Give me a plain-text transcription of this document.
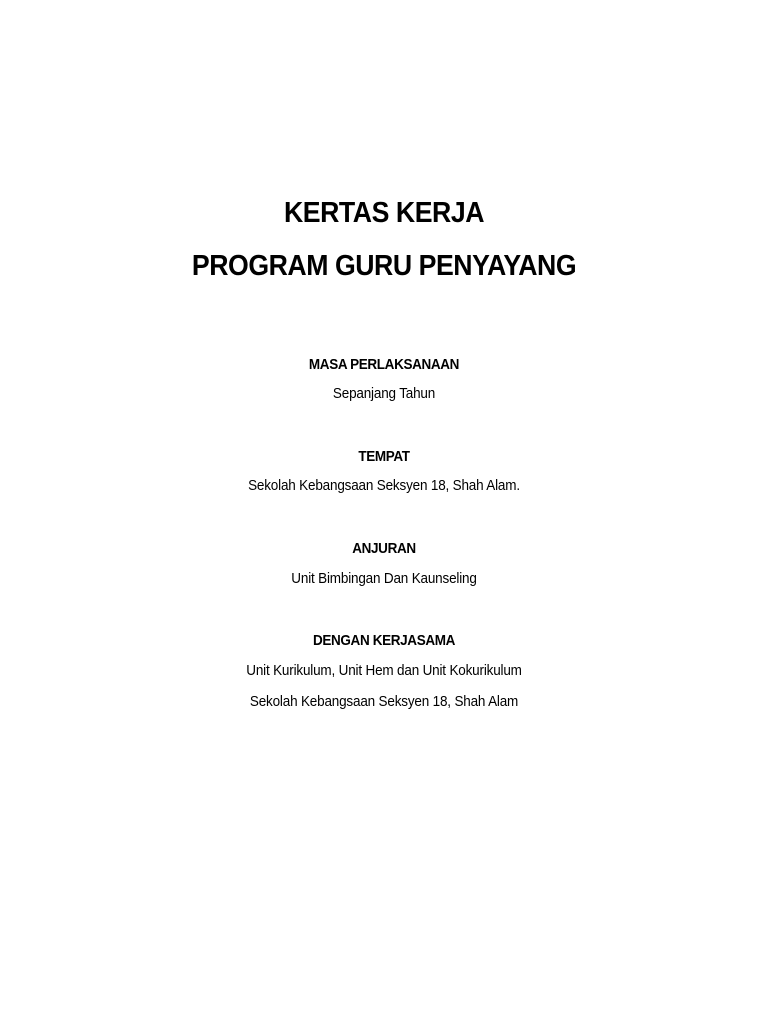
KERTAS KERJA
PROGRAM GURU PENYAYANG
MASA PERLAKSANAAN
Sepanjang Tahun
TEMPAT
Sekolah Kebangsaan Seksyen 18, Shah Alam.
ANJURAN
Unit Bimbingan Dan Kaunseling
DENGAN KERJASAMA
Unit Kurikulum, Unit Hem dan Unit Kokurikulum
Sekolah Kebangsaan Seksyen 18, Shah Alam
